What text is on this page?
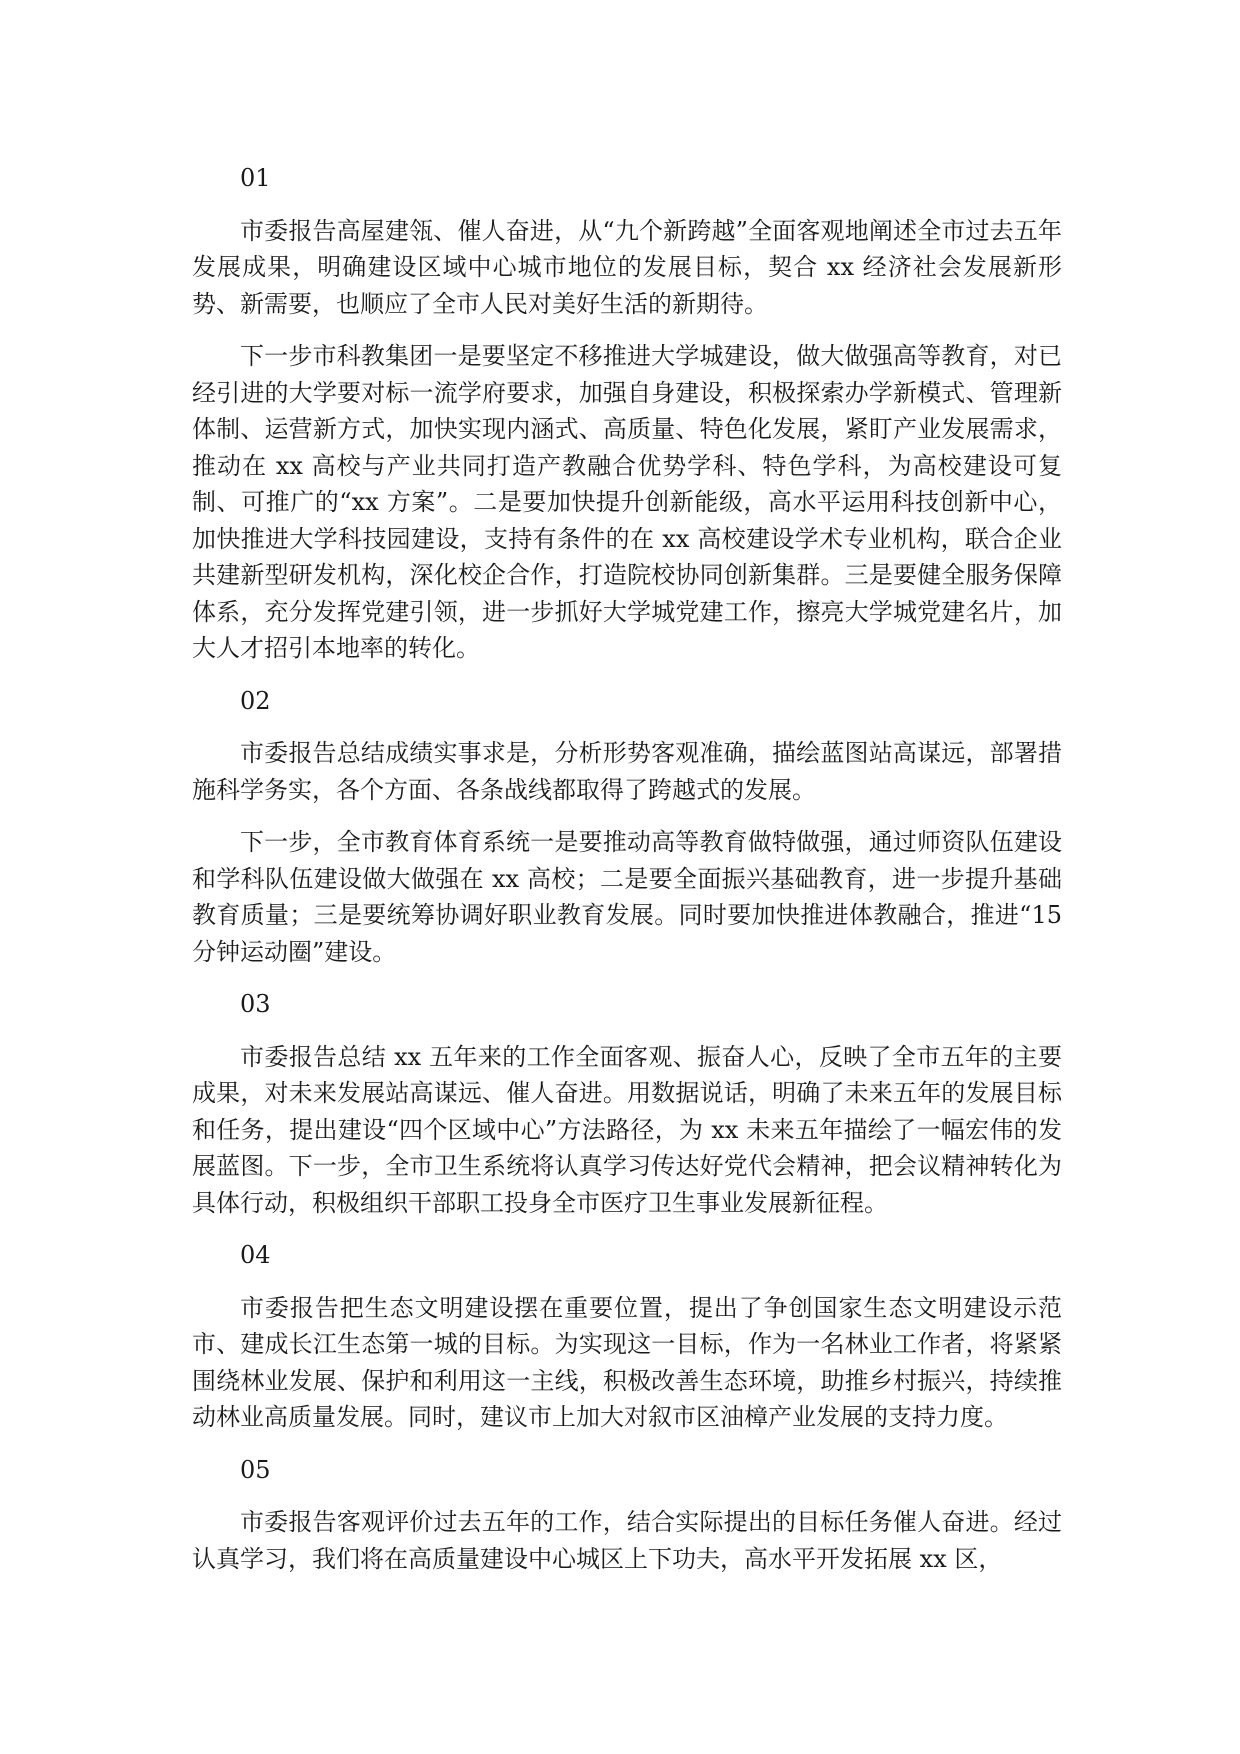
01

市委报告高屋建瓴、催人奋进，从“九个新跨越”全面客观地阐述全市过去五年发展成果，明确建设区域中心城市地位的发展目标，契合 xx 经济社会发展新形势、新需要，也顺应了全市人民对美好生活的新期待。

下一步市科教集团一是要坚定不移推进大学城建设，做大做强高等教育，对已经引进的大学要对标一流学府要求，加强自身建设，积极探索办学新模式、管理新体制、运营新方式，加快实现内涵式、高质量、特色化发展，紧盯产业发展需求，推动在 xx 高校与产业共同打造产教融合优势学科、特色学科，为高校建设可复制、可推广的“xx 方案”。二是要加快提升创新能级，高水平运用科技创新中心，加快推进大学科技园建设，支持有条件的在 xx 高校建设学术专业机构，联合企业共建新型研发机构，深化校企合作，打造院校协同创新集群。三是要健全服务保障体系，充分发挥党建引领，进一步抓好大学城党建工作，擦亮大学城党建名片，加大人才招引本地率的转化。

02

市委报告总结成绩实事求是，分析形势客观准确，描绘蓝图站高谋远，部署措施科学务实，各个方面、各条战线都取得了跨越式的发展。

下一步，全市教育体育系统一是要推动高等教育做特做强，通过师资队伍建设和学科队伍建设做大做强在 xx 高校；二是要全面振兴基础教育，进一步提升基础教育质量；三是要统筹协调好职业教育发展。同时要加快推进体教融合，推进“15 分钟运动圈”建设。

03

市委报告总结 xx 五年来的工作全面客观、振奋人心，反映了全市五年的主要成果，对未来发展站高谋远、催人奋进。用数据说话，明确了未来五年的发展目标和任务，提出建设“四个区域中心”方法路径，为 xx 未来五年描绘了一幅宏伟的发展蓝图。下一步，全市卫生系统将认真学习传达好党代会精神，把会议精神转化为具体行动，积极组织干部职工投身全市医疗卫生事业发展新征程。

04

市委报告把生态文明建设摆在重要位置，提出了争创国家生态文明建设示范市、建成长江生态第一城的目标。为实现这一目标，作为一名林业工作者，将紧紧围绕林业发展、保护和利用这一主线，积极改善生态环境，助推乡村振兴，持续推动林业高质量发展。同时，建议市上加大对叙市区油樟产业发展的支持力度。

05

市委报告客观评价过去五年的工作，结合实际提出的目标任务催人奋进。经过认真学习，我们将在高质量建设中心城区上下功夫，高水平开发拓展 xx 区，
